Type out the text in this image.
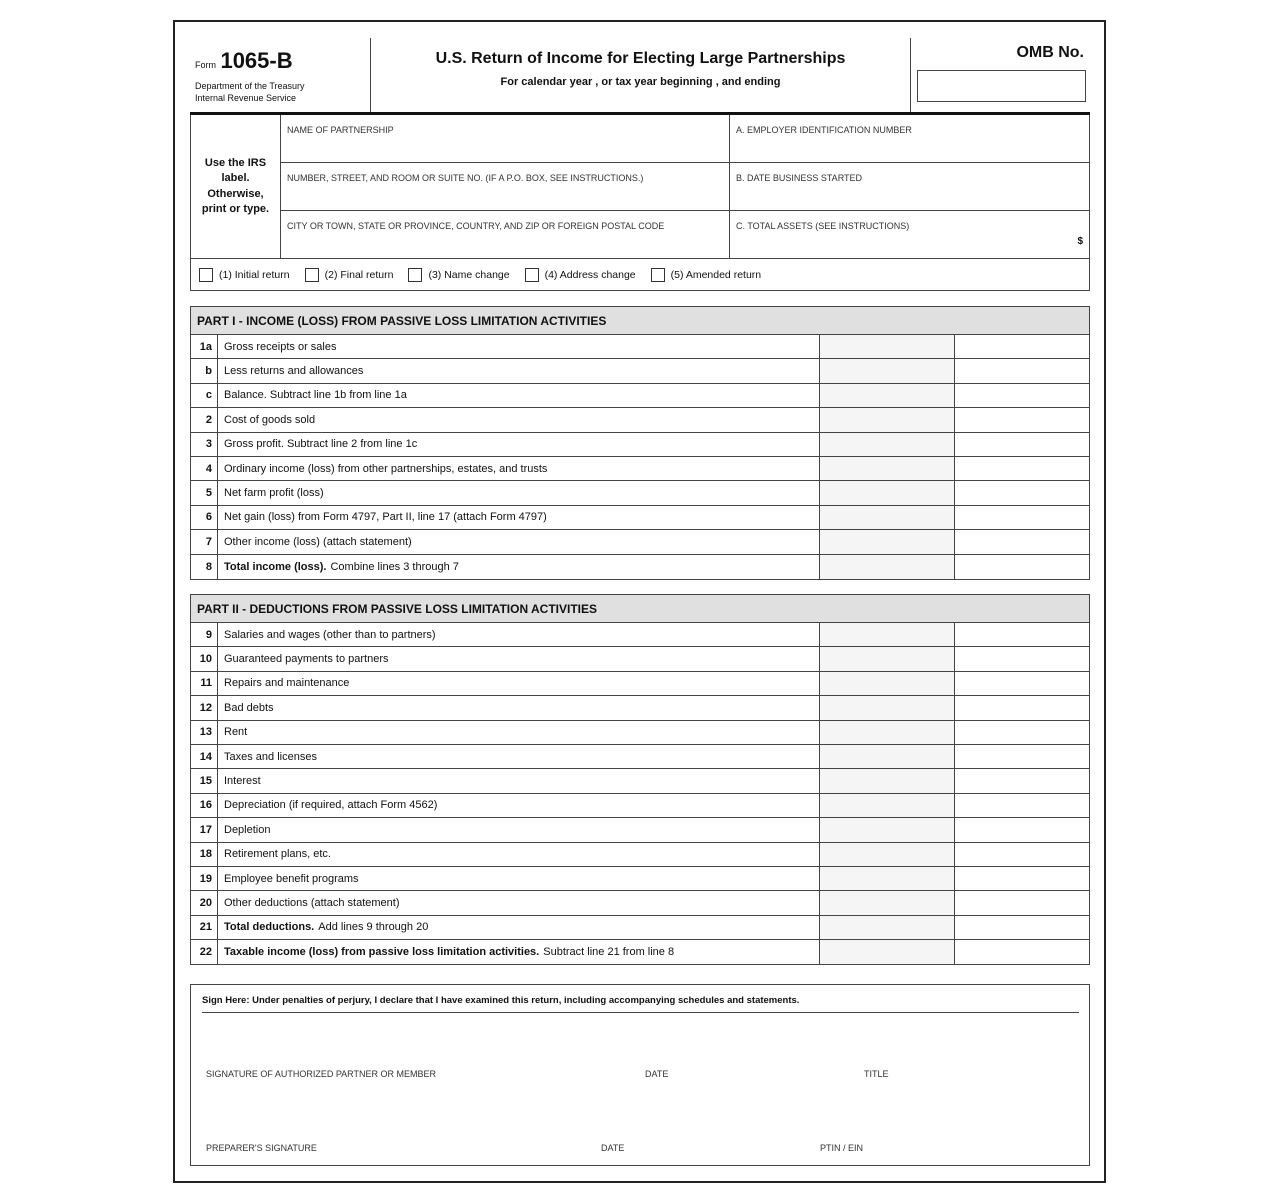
Form 1065-B
Department of the Treasury
Internal Revenue Service
U.S. Return of Income for Electing Large Partnerships
For calendar year , or tax year beginning , and ending
OMB No.
Use the IRS label. Otherwise, print or type.
NAME OF PARTNERSHIP	A. EMPLOYER IDENTIFICATION NUMBER
NUMBER, STREET, AND ROOM OR SUITE NO. (IF A P.O. BOX, SEE INSTRUCTIONS.)	B. DATE BUSINESS STARTED
CITY OR TOWN, STATE OR PROVINCE, COUNTRY, AND ZIP OR FOREIGN POSTAL CODE	C. TOTAL ASSETS (SEE INSTRUCTIONS)
$
(1) Initial return	(2) Final return	(3) Name change	(4) Address change	(5) Amended return
PART I - INCOME (LOSS) FROM PASSIVE LOSS LIMITATION ACTIVITIES
1a	Gross receipts or sales
b	Less returns and allowances
c	Balance. Subtract line 1b from line 1a
2	Cost of goods sold
3	Gross profit. Subtract line 2 from line 1c
4	Ordinary income (loss) from other partnerships, estates, and trusts
5	Net farm profit (loss)
6	Net gain (loss) from Form 4797, Part II, line 17 (attach Form 4797)
7	Other income (loss) (attach statement)
8	Total income (loss). Combine lines 3 through 7
PART II - DEDUCTIONS FROM PASSIVE LOSS LIMITATION ACTIVITIES
9	Salaries and wages (other than to partners)
10	Guaranteed payments to partners
11	Repairs and maintenance
12	Bad debts
13	Rent
14	Taxes and licenses
15	Interest
16	Depreciation (if required, attach Form 4562)
17	Depletion
18	Retirement plans, etc.
19	Employee benefit programs
20	Other deductions (attach statement)
21	Total deductions. Add lines 9 through 20
22	Taxable income (loss) from passive loss limitation activities. Subtract line 21 from line 8
Sign Here: Under penalties of perjury, I declare that I have examined this return, including accompanying schedules and statements.
SIGNATURE OF AUTHORIZED PARTNER OR MEMBER	DATE	TITLE
PREPARER'S SIGNATURE	DATE	PTIN / EIN
